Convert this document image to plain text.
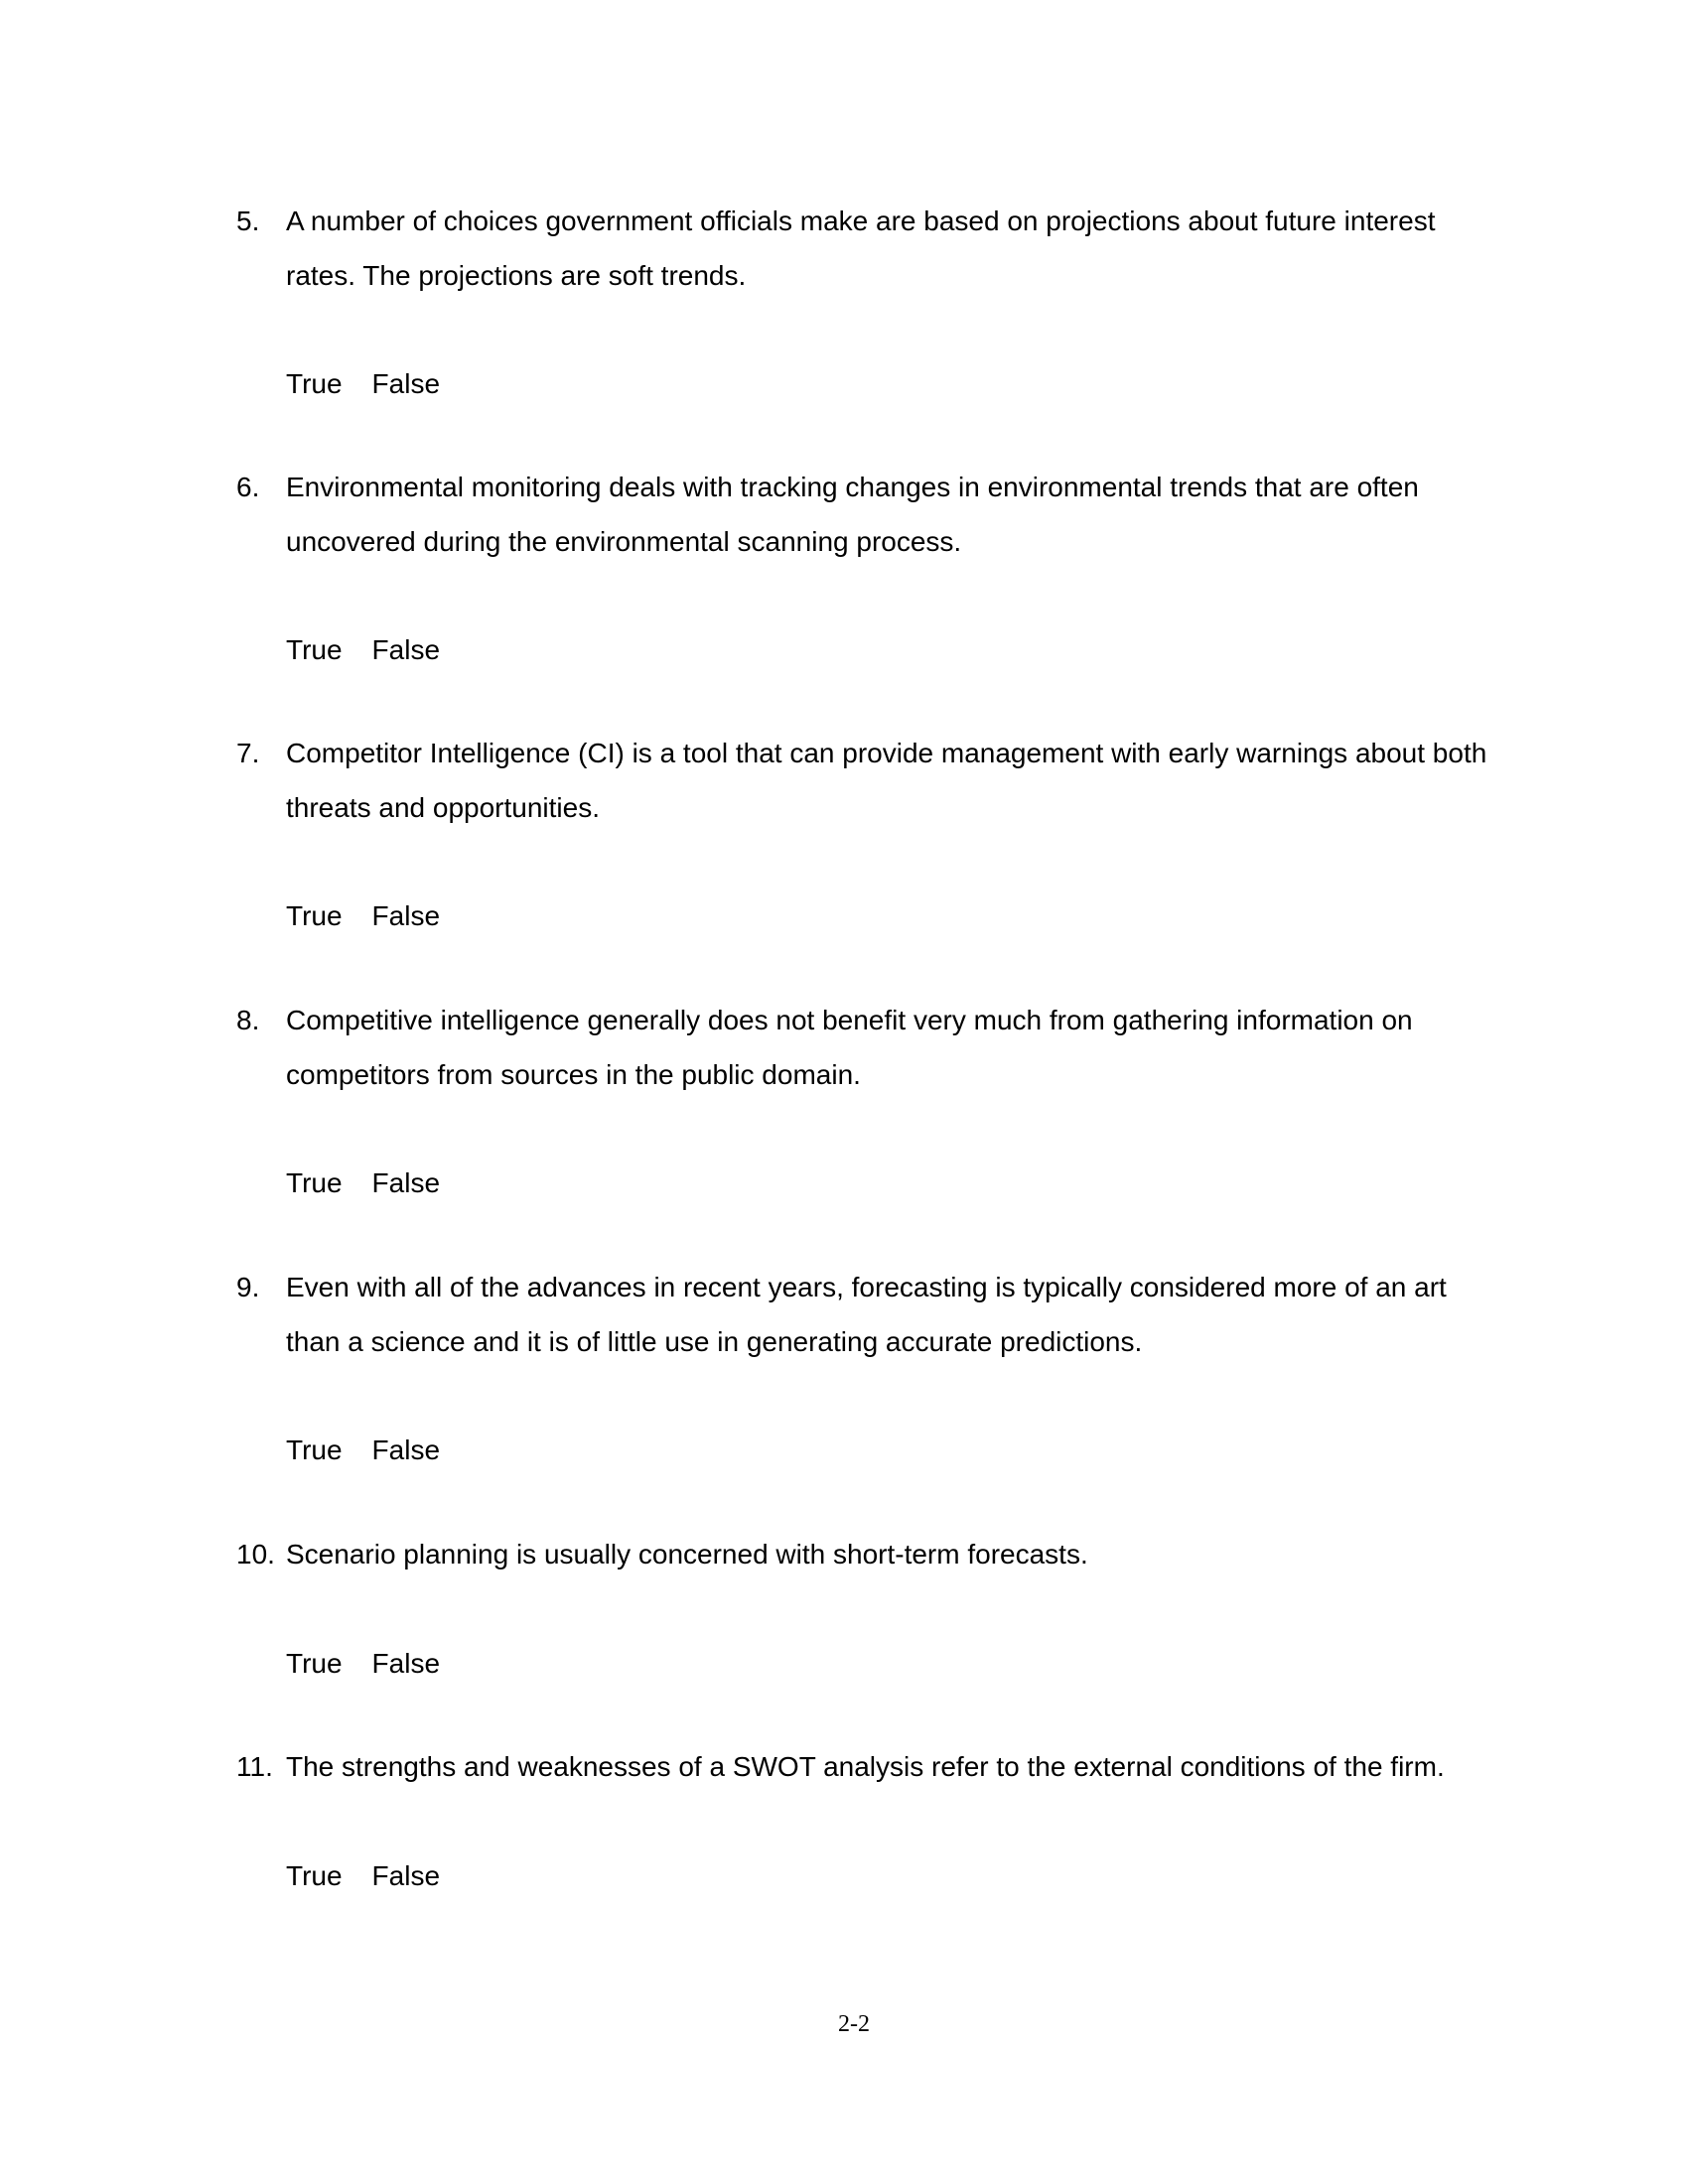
5. A number of choices government officials make are based on projections about future interest rates. The projections are soft trends.
True False
6. Environmental monitoring deals with tracking changes in environmental trends that are often uncovered during the environmental scanning process.
True False
7. Competitor Intelligence (CI) is a tool that can provide management with early warnings about both threats and opportunities.
True False
8. Competitive intelligence generally does not benefit very much from gathering information on competitors from sources in the public domain.
True False
9. Even with all of the advances in recent years, forecasting is typically considered more of an art than a science and it is of little use in generating accurate predictions.
True False
10. Scenario planning is usually concerned with short-term forecasts.
True False
11. The strengths and weaknesses of a SWOT analysis refer to the external conditions of the firm.
True False
2-2
